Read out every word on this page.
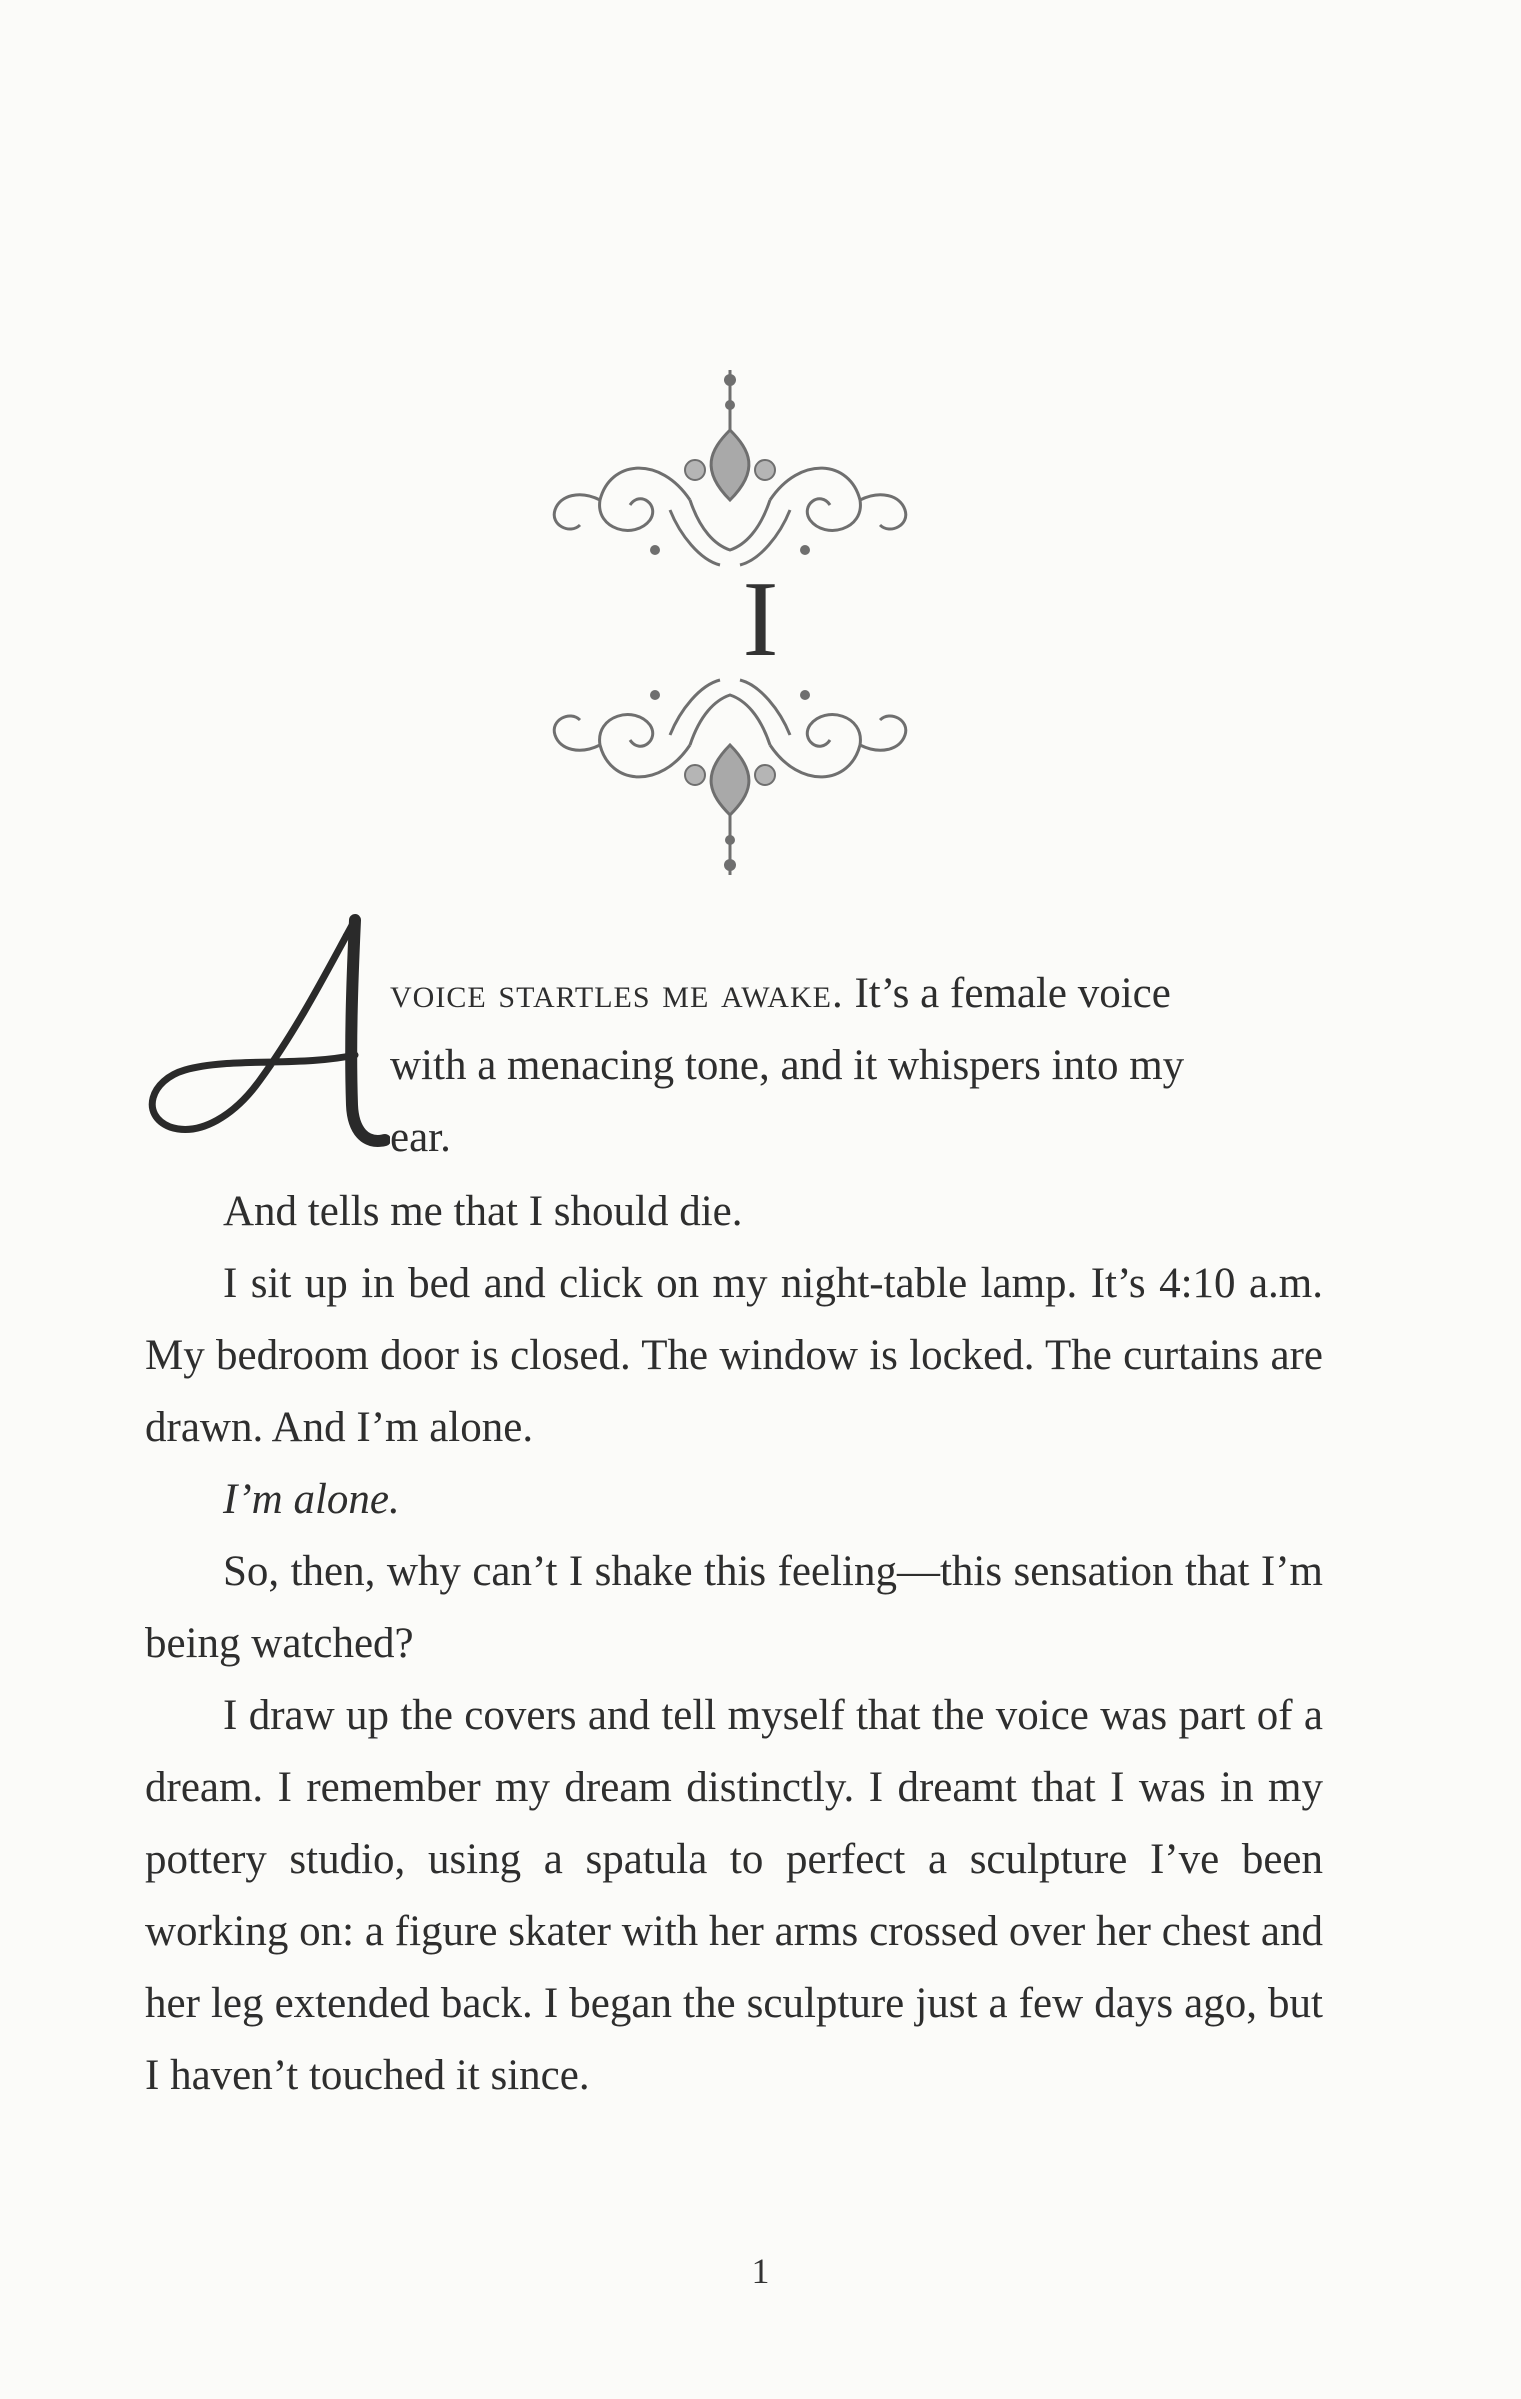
I
voice startles me awake. It’s a female voice
with a menacing tone, and it whispers into my
ear.

And tells me that I should die.

I sit up in bed and click on my night-table lamp. It’s 4:10 a.m. My bedroom door is closed. The window is locked. The curtains are drawn. And I’m alone.

I’m alone.

So, then, why can’t I shake this feeling—this sensation that I’m being watched?

I draw up the covers and tell myself that the voice was part of a dream. I remember my dream distinctly. I dreamt that I was in my pottery studio, using a spatula to perfect a sculpture I’ve been working on: a figure skater with her arms crossed over her chest and her leg extended back. I began the sculpture just a few days ago, but I haven’t touched it since.

1
